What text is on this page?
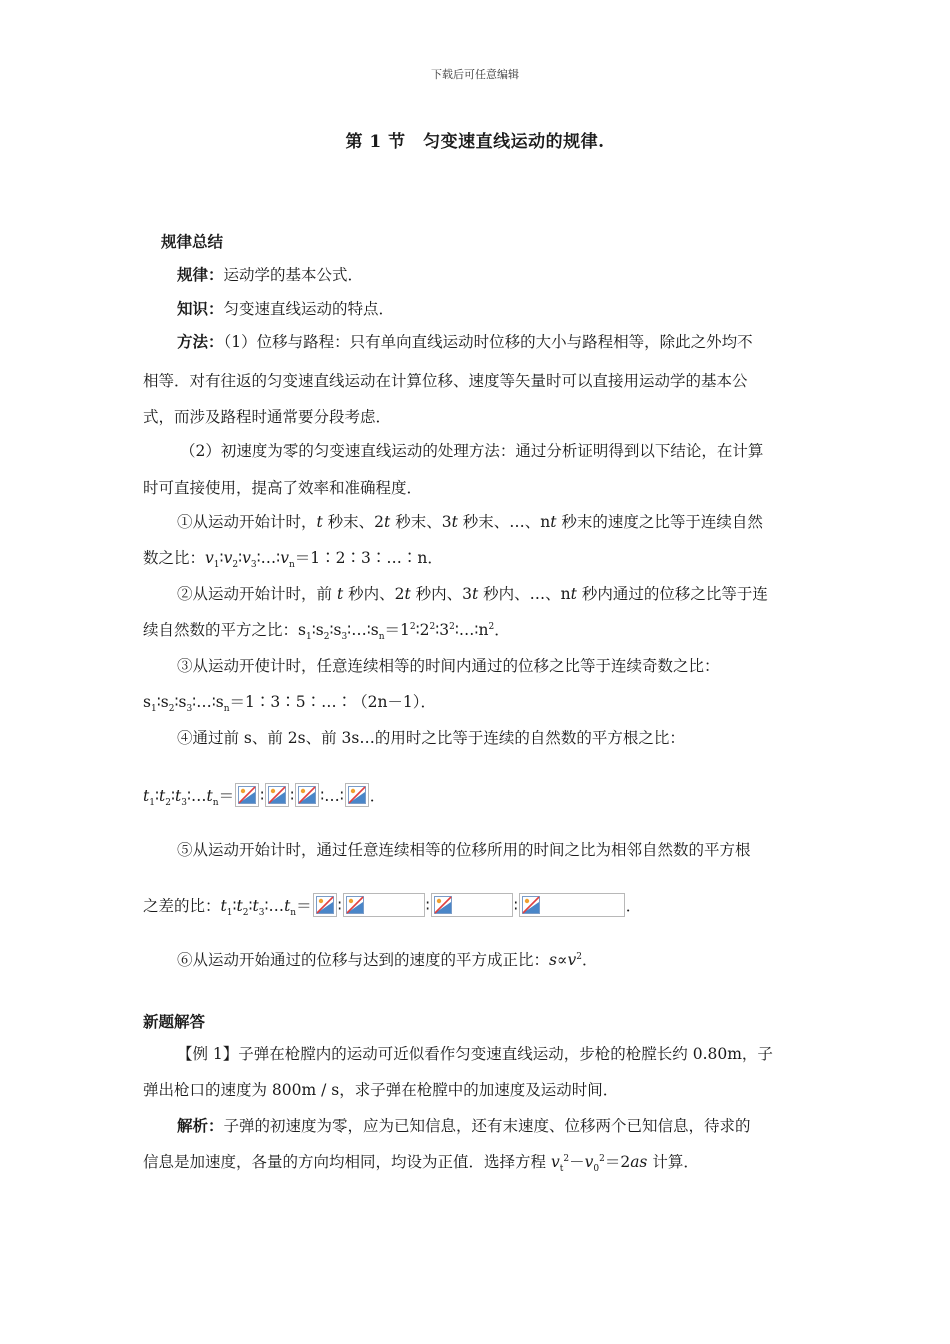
下载后可任意编辑
第 1 节　匀变速直线运动的规律.
规律总结
规律：运动学的基本公式．
知识：匀变速直线运动的特点．
方法：（1）位移与路程：只有单向直线运动时位移的大小与路程相等，除此之外均不
相等．对有往返的匀变速直线运动在计算位移、速度等矢量时可以直接用运动学的基本公
式，而涉及路程时通常要分段考虑．
（2）初速度为零的匀变速直线运动的处理方法：通过分析证明得到以下结论，在计算
时可直接使用，提高了效率和准确程度．
①从运动开始计时，t 秒末、2t 秒末、3t 秒末、…、nt 秒末的速度之比等于连续自然
数之比：$v_1∶v_2∶v_3∶\dots∶v_n=1∶2∶3∶\dots∶n$．
②从运动开始计时，前 t 秒内、2t 秒内、3t 秒内、…、nt 秒内通过的位移之比等于连
续自然数的平方之比：$s_1∶s_2∶s_3∶\dots∶s_n=1^2∶2^2∶3^2∶\dots∶n^2$．
③从运动开使计时，任意连续相等的时间内通过的位移之比等于连续奇数之比：
$s_1∶s_2∶s_3∶\dots∶s_n=1∶3∶5∶\dots∶(2n-1)$．
④通过前 s、前 2s、前 3s…的用时之比等于连续的自然数的平方根之比：
$t_1∶t_2∶t_3∶\dots t_n=$ ∶ ∶ ∶…∶ ．
⑤从运动开始计时，通过任意连续相等的位移所用的时间之比为相邻自然数的平方根
之差的比：$t_1∶t_2∶t_3∶\dots t_n=$ ∶	∶	∶	．
⑥从运动开始通过的位移与达到的速度的平方成正比：$s\propto v^2$．
新题解答
【例 1】子弹在枪膛内的运动可近似看作匀变速直线运动，步枪的枪膛长约 0.80m，子
弹出枪口的速度为 800m / s，求子弹在枪膛中的加速度及运动时间．
解析：子弹的初速度为零，应为已知信息，还有末速度、位移两个已知信息，待求的
信息是加速度，各量的方向均相同，均设为正值．选择方程 $v_t^2-v_0^2=2as$ 计算．
